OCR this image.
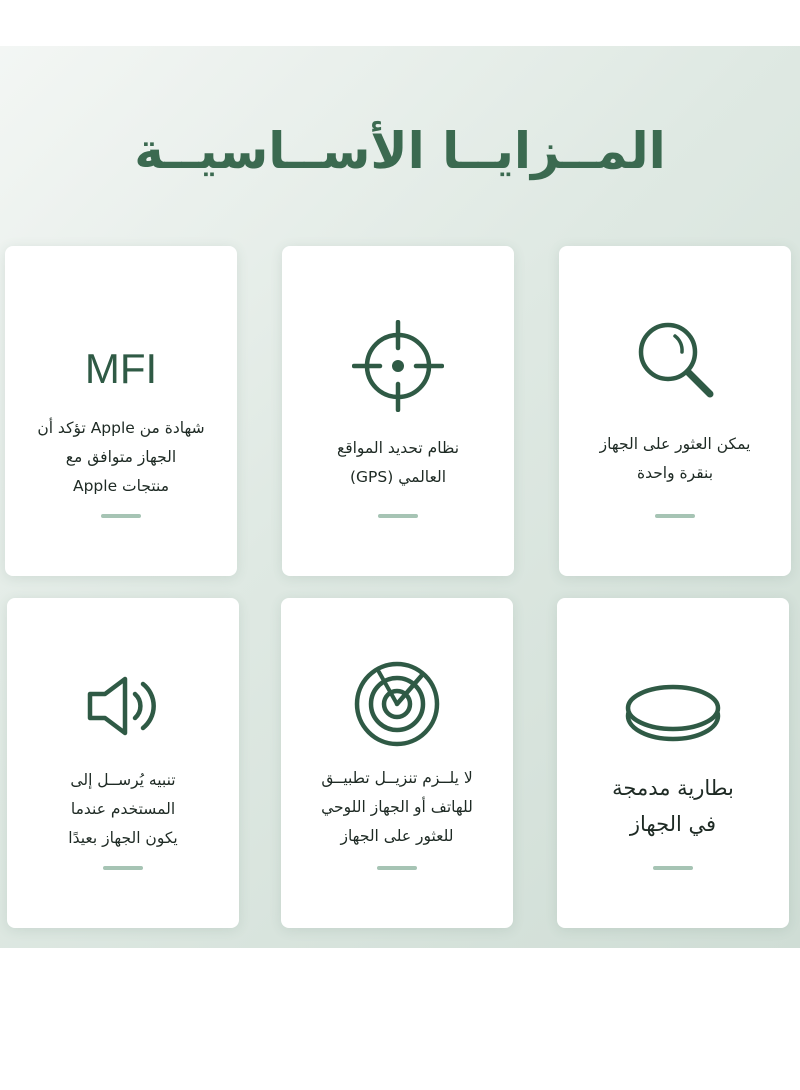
المــزايــا الأســاسيــة
يمكن العثور على الجهاز
بنقرة واحدة
نظام تحديد المواقع
العالمي (GPS)
MFI
شهادة من Apple تؤكد أن
الجهاز متوافق مع
منتجات Apple
بطارية مدمجة
في الجهاز
لا يلــزم تنزيــل تطبيــق
للهاتف أو الجهاز اللوحي
للعثور على الجهاز
تنبيه يُرســل إلى
المستخدم عندما
يكون الجهاز بعيدًا
